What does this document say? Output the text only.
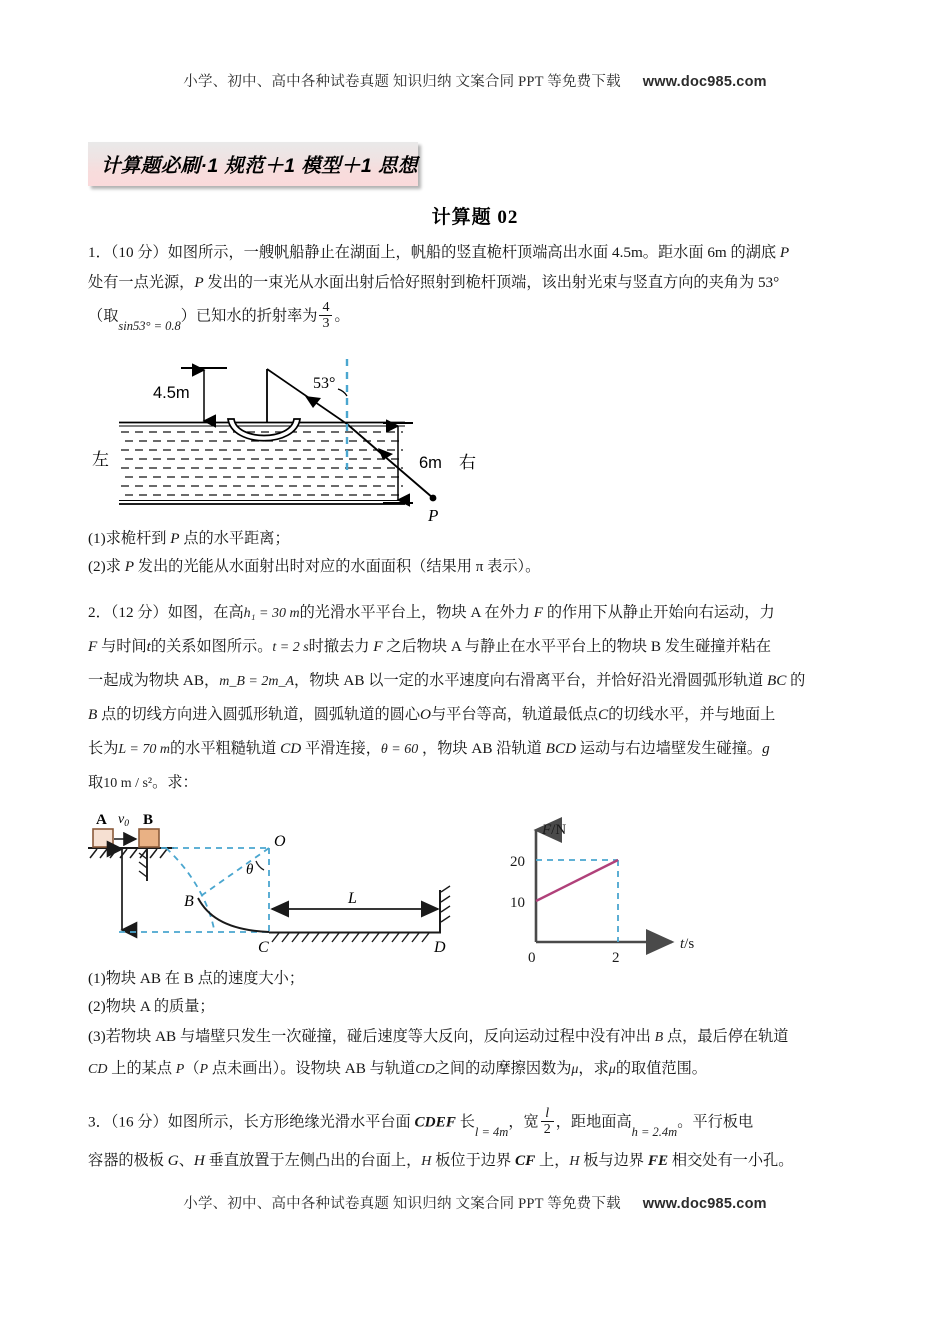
小学、初中、高中各种试卷真题 知识归纳 文案合同 PPT 等免费下载 www.doc985.com
计算题必刷·1 规范＋1 模型＋1 思想
计算题 02
1．（10 分）如图所示，一艘帆船静止在湖面上，帆船的竖直桅杆顶端高出水面 4.5m。距水面 6m 的湖底 P
处有一点光源，P 发出的一束光从水面出射后恰好照射到桅杆顶端，该出射光束与竖直方向的夹角为 53°
（取sin53° = 0.8）已知水的折射率为 $\frac{4}{3}$ 。
4.5m
6m
53°
P
左	右
(1)求桅杆到 P 点的水平距离；
(2)求 P 发出的光能从水面射出时对应的水面面积（结果用 π 表示）。
2．（12 分）如图，在高h₁ = 30 m的光滑水平平台上，物块 A 在外力 F 的作用下从静止开始向右运动，力
F 与时间t的关系如图所示。t = 2 s时撤去力 F 之后物块 A 与静止在水平平台上的物块 B 发生碰撞并粘在
一起成为物块 AB，m_B = 2m_A，物块 AB 以一定的水平速度向右滑离平台，并恰好沿光滑圆弧形轨道 BC 的
B 点的切线方向进入圆弧形轨道，圆弧轨道的圆心O与平台等高，轨道最低点C的切线水平，并与地面上
长为L = 70 m的水平粗糙轨道 CD 平滑连接，θ = 60 ，物块 AB 沿轨道 BCD 运动与右边墙壁发生碰撞。g
取10 m / s²。求：
A B
$v_0$
θ
O
B
C	D
L
F/N
t/s
20
10
0	2
(1)物块 AB 在 B 点的速度大小；
(2)物块 A 的质量；
(3)若物块 AB 与墙壁只发生一次碰撞，碰后速度等大反向，反向运动过程中没有冲出 B 点，最后停在轨道
CD 上的某点 P（P 点未画出）。设物块 AB 与轨道CD之间的动摩擦因数为μ，求μ的取值范围。
3．（16 分）如图所示，长方形绝缘光滑水平台面 CDEF 长l = 4m，宽 $\frac{l}{2}$ ，距地面高h = 2.4m。平行板电
容器的极板 G、H 垂直放置于左侧凸出的台面上，H 板位于边界 CF 上，H 板与边界 FE 相交处有一小孔。
小学、初中、高中各种试卷真题 知识归纳 文案合同 PPT 等免费下载 www.doc985.com
